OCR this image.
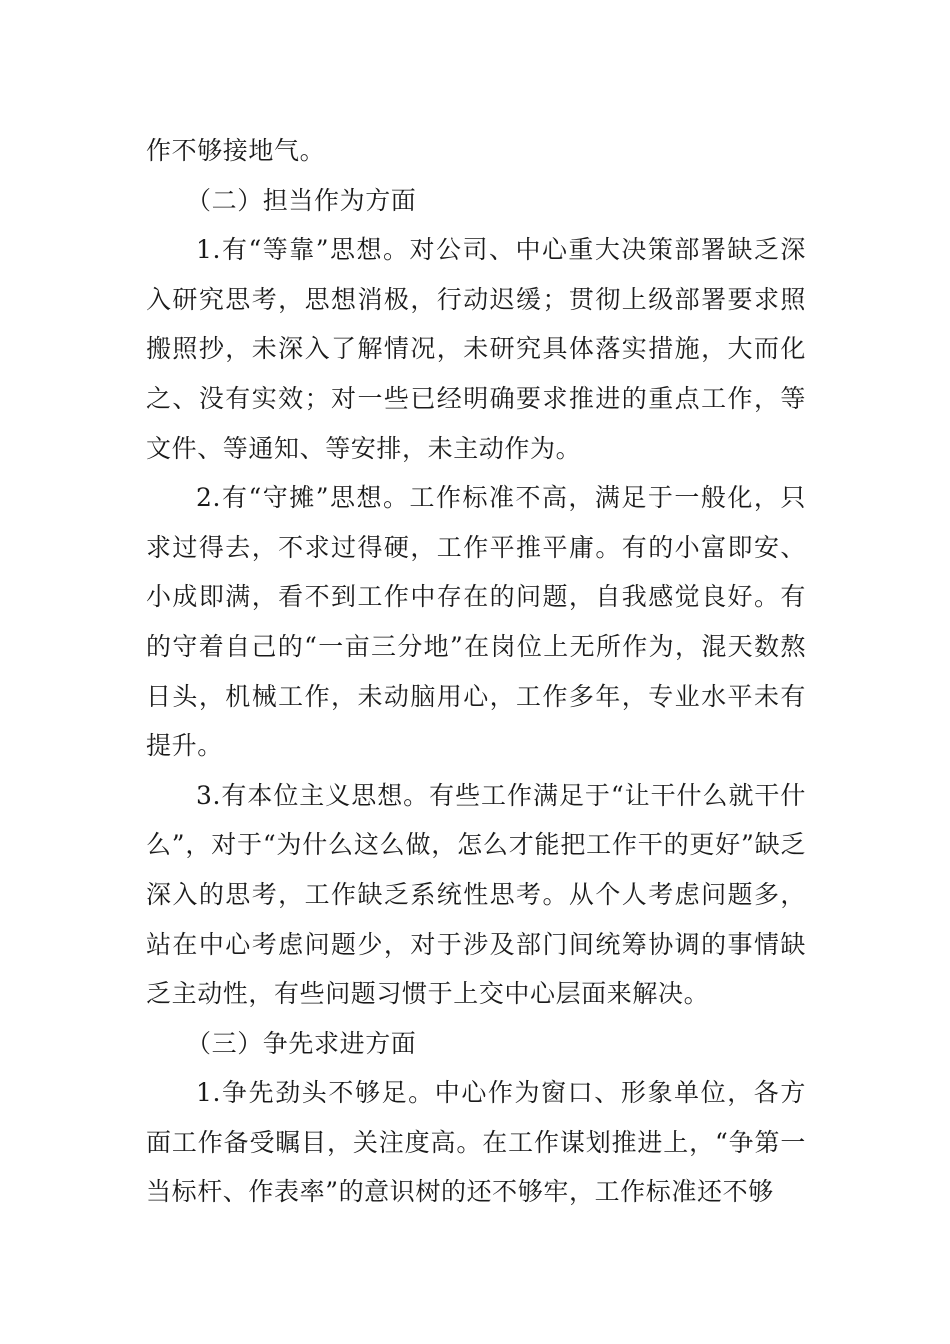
作不够接地气。

（二）担当作为方面

1.有“等靠”思想。对公司、中心重大决策部署缺乏深入研究思考，思想消极，行动迟缓；贯彻上级部署要求照搬照抄，未深入了解情况，未研究具体落实措施，大而化之、没有实效；对一些已经明确要求推进的重点工作，等文件、等通知、等安排，未主动作为。

2.有“守摊”思想。工作标准不高，满足于一般化，只求过得去，不求过得硬，工作平推平庸。有的小富即安、小成即满，看不到工作中存在的问题，自我感觉良好。有的守着自己的“一亩三分地”在岗位上无所作为，混天数熬日头，机械工作，未动脑用心，工作多年，专业水平未有提升。

3.有本位主义思想。有些工作满足于“让干什么就干什么”，对于“为什么这么做，怎么才能把工作干的更好”缺乏深入的思考，工作缺乏系统性思考。从个人考虑问题多，站在中心考虑问题少，对于涉及部门间统筹协调的事情缺乏主动性，有些问题习惯于上交中心层面来解决。

（三）争先求进方面

1.争先劲头不够足。中心作为窗口、形象单位，各方面工作备受瞩目，关注度高。在工作谋划推进上，“争第一当标杆、作表率”的意识树的还不够牢，工作标准还不够
